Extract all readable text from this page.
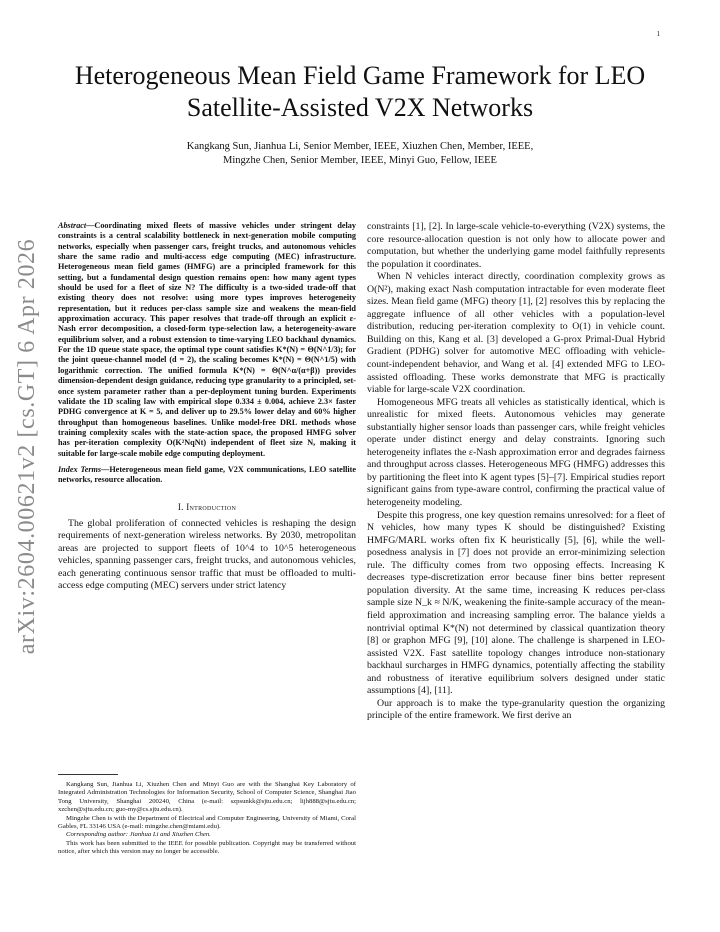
1
arXiv:2604.00621v2 [cs.GT] 6 Apr 2026
Heterogeneous Mean Field Game Framework for LEO Satellite-Assisted V2X Networks
Kangkang Sun, Jianhua Li, Senior Member, IEEE, Xiuzhen Chen, Member, IEEE,
Mingzhe Chen, Senior Member, IEEE, Minyi Guo, Fellow, IEEE

Abstract—Coordinating mixed fleets of massive vehicles under stringent delay constraints is a central scalability bottleneck in next-generation mobile computing networks, especially when passenger cars, freight trucks, and autonomous vehicles share the same radio and multi-access edge computing (MEC) infrastructure. Heterogeneous mean field games (HMFG) are a principled framework for this setting, but a fundamental design question remains open: how many agent types should be used for a fleet of size N? The difficulty is a two-sided trade-off that existing theory does not resolve: using more types improves heterogeneity representation, but it reduces per-class sample size and weakens the mean-field approximation accuracy. This paper resolves that trade-off through an explicit ε-Nash error decomposition, a closed-form type-selection law, a heterogeneity-aware equilibrium solver, and a robust extension to time-varying LEO backhaul dynamics. For the 1D queue state space, the optimal type count satisfies K*(N) = Θ(N^1/3); for the joint queue-channel model (d = 2), the scaling becomes K*(N) = Θ(N^1/5) with logarithmic correction. The unified formula K*(N) = Θ(N^α/(α+β)) provides dimension-dependent design guidance, reducing type granularity to a principled, set-once system parameter rather than a per-deployment tuning burden. Experiments validate the 1D scaling law with empirical slope 0.334 ± 0.004, achieve 2.3× faster PDHG convergence at K = 5, and deliver up to 29.5% lower delay and 60% higher throughput than homogeneous baselines. Unlike model-free DRL methods whose training complexity scales with the state-action space, the proposed HMFG solver has per-iteration complexity O(K²NqNt) independent of fleet size N, making it suitable for large-scale mobile edge computing deployment.

Index Terms—Heterogeneous mean field game, V2X communications, LEO satellite networks, resource allocation.

I. Introduction

The global proliferation of connected vehicles is reshaping the design requirements of next-generation wireless networks. By 2030, metropolitan areas are projected to support fleets of 10^4 to 10^5 heterogeneous vehicles, spanning passenger cars, freight trucks, and autonomous vehicles, each generating continuous sensor traffic that must be offloaded to multi-access edge computing (MEC) servers under strict latency

Kangkang Sun, Jianhua Li, Xiuzhen Chen and Minyi Guo are with the Shanghai Key Laboratory of Integrated Administration Technologies for Information Security, School of Computer Science, Shanghai Jiao Tong University, Shanghai 200240, China (e-mail: szpsunkk@sjtu.edu.cn; lijh888@sjtu.edu.cn; xzchen@sjtu.edu.cn; guo-my@cs.sjtu.edu.cn).

Mingzhe Chen is with the Department of Electrical and Computer Engineering, University of Miami, Coral Gables, FL 33146 USA (e-mail: mingzhe.chen@miami.edu).

Corresponding author: Jianhua Li and Xiuzhen Chen.

This work has been submitted to the IEEE for possible publication. Copyright may be transferred without notice, after which this version may no longer be accessible.

constraints [1], [2]. In large-scale vehicle-to-everything (V2X) systems, the core resource-allocation question is not only how to allocate power and computation, but whether the underlying game model faithfully represents the population it coordinates.

When N vehicles interact directly, coordination complexity grows as O(N²), making exact Nash computation intractable for even moderate fleet sizes. Mean field game (MFG) theory [1], [2] resolves this by replacing the aggregate influence of all other vehicles with a population-level distribution, reducing per-iteration complexity to O(1) in vehicle count. Building on this, Kang et al. [3] developed a G-prox Primal-Dual Hybrid Gradient (PDHG) solver for automotive MEC offloading with vehicle-count-independent behavior, and Wang et al. [4] extended MFG to LEO-assisted offloading. These works demonstrate that MFG is practically viable for large-scale V2X coordination.

Homogeneous MFG treats all vehicles as statistically identical, which is unrealistic for mixed fleets. Autonomous vehicles may generate substantially higher sensor loads than passenger cars, while freight vehicles operate under distinct energy and delay constraints. Ignoring such heterogeneity inflates the ε-Nash approximation error and degrades fairness and throughput across classes. Heterogeneous MFG (HMFG) addresses this by partitioning the fleet into K agent types [5]–[7]. Empirical studies report significant gains from type-aware control, confirming the practical value of heterogeneity modeling.

Despite this progress, one key question remains unresolved: for a fleet of N vehicles, how many types K should be distinguished? Existing HMFG/MARL works often fix K heuristically [5], [6], while the well-posedness analysis in [7] does not provide an error-minimizing selection rule. The difficulty comes from two opposing effects. Increasing K decreases type-discretization error because finer bins better represent population diversity. At the same time, increasing K reduces per-class sample size N_k ≈ N/K, weakening the finite-sample accuracy of the mean-field approximation and increasing sampling error. The balance yields a nontrivial optimal K*(N) not determined by classical quantization theory [8] or graphon MFG [9], [10] alone. The challenge is sharpened in LEO-assisted V2X. Fast satellite topology changes introduce non-stationary backhaul surcharges in HMFG dynamics, potentially affecting the stability and robustness of iterative equilibrium solvers designed under static assumptions [4], [11].

Our approach is to make the type-granularity question the organizing principle of the entire framework. We first derive an
